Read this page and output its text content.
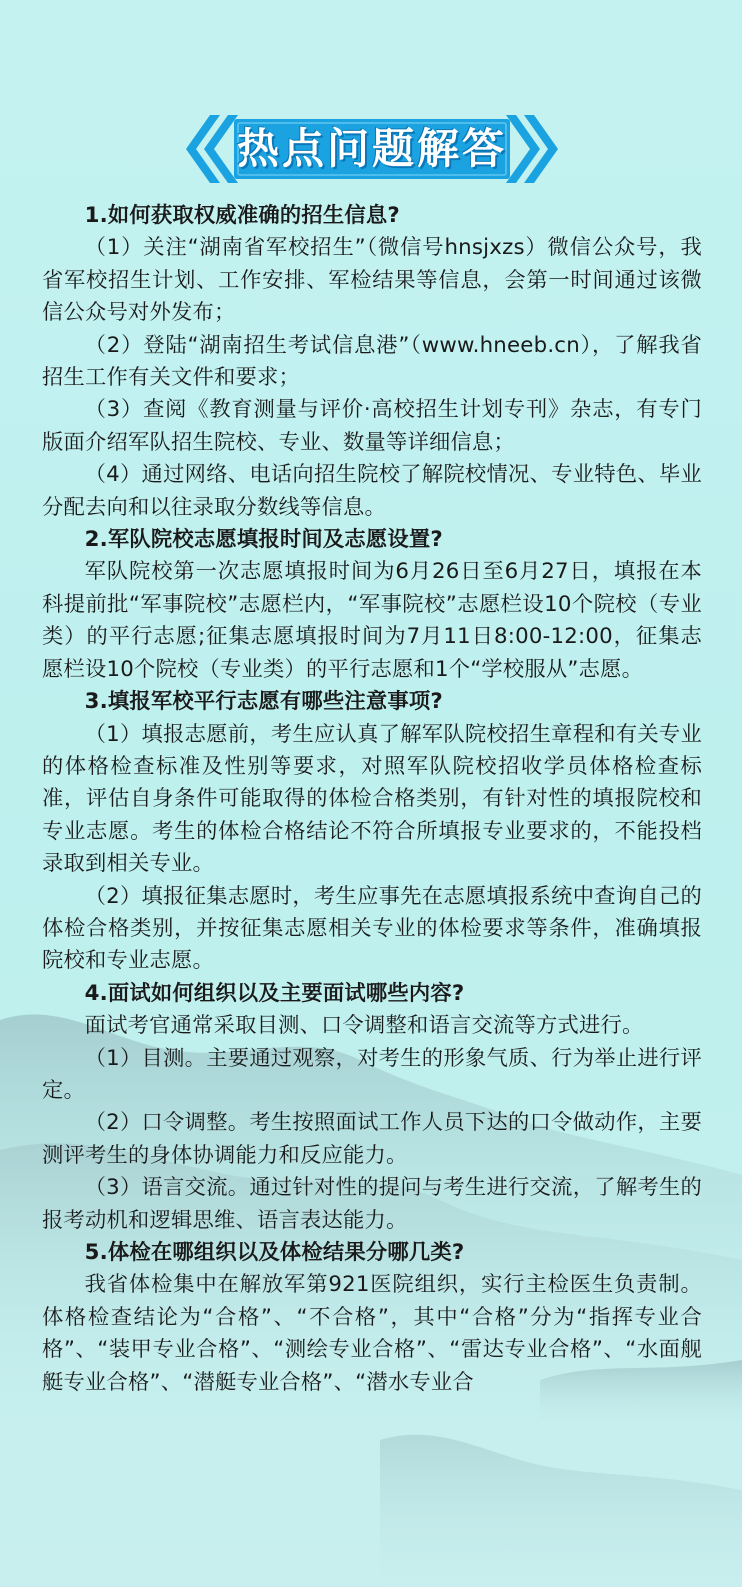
热点问题解答

1.如何获取权威准确的招生信息?

（1）关注“湖南省军校招生”（微信号hnsjxzs）微信公众号，我省军校招生计划、工作安排、军检结果等信息，会第一时间通过该微信公众号对外发布；

（2）登陆“湖南招生考试信息港”（www.hneeb.cn），了解我省招生工作有关文件和要求；

（3）查阅《教育测量与评价·高校招生计划专刊》杂志，有专门版面介绍军队招生院校、专业、数量等详细信息；

（4）通过网络、电话向招生院校了解院校情况、专业特色、毕业分配去向和以往录取分数线等信息。

2.军队院校志愿填报时间及志愿设置?

军队院校第一次志愿填报时间为6月26日至6月27日，填报在本科提前批“军事院校”志愿栏内，“军事院校”志愿栏设10个院校（专业类）的平行志愿;征集志愿填报时间为7月11日8:00-12:00，征集志愿栏设10个院校（专业类）的平行志愿和1个“学校服从”志愿。

3.填报军校平行志愿有哪些注意事项?

（1）填报志愿前，考生应认真了解军队院校招生章程和有关专业的体格检查标准及性别等要求，对照军队院校招收学员体格检查标准，评估自身条件可能取得的体检合格类别，有针对性的填报院校和专业志愿。考生的体检合格结论不符合所填报专业要求的，不能投档录取到相关专业。

（2）填报征集志愿时，考生应事先在志愿填报系统中查询自己的体检合格类别，并按征集志愿相关专业的体检要求等条件，准确填报院校和专业志愿。

4.面试如何组织以及主要面试哪些内容?

面试考官通常采取目测、口令调整和语言交流等方式进行。

（1）目测。主要通过观察，对考生的形象气质、行为举止进行评定。

（2）口令调整。考生按照面试工作人员下达的口令做动作，主要测评考生的身体协调能力和反应能力。

（3）语言交流。通过针对性的提问与考生进行交流，了解考生的报考动机和逻辑思维、语言表达能力。

5.体检在哪组织以及体检结果分哪几类?

我省体检集中在解放军第921医院组织，实行主检医生负责制。体格检查结论为“合格”、“不合格”，其中“合格”分为“指挥专业合格”、“装甲专业合格”、“测绘专业合格”、“雷达专业合格”、“水面舰艇专业合格”、“潜艇专业合格”、“潜水专业合
